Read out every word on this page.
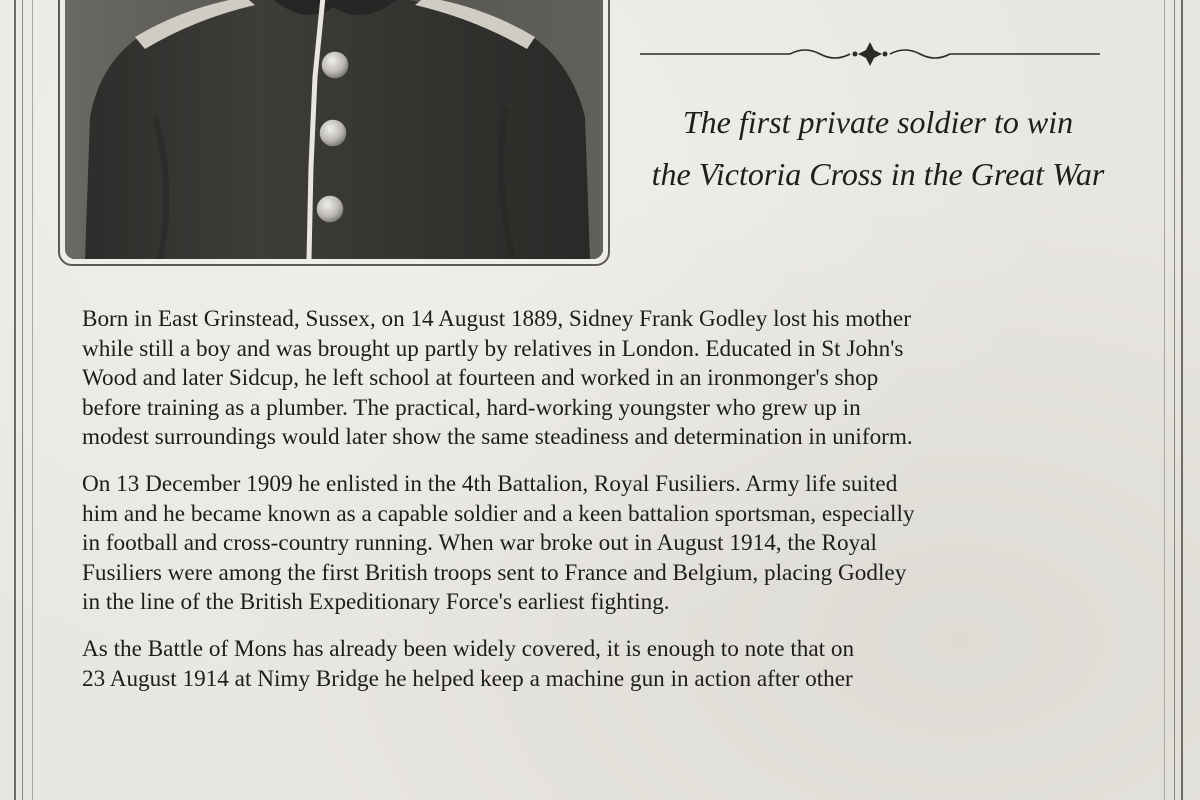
The first private soldier to win
the Victoria Cross in the Great War

Born in East Grinstead, Sussex, on 14 August 1889, Sidney Frank Godley lost his mother
while still a boy and was brought up partly by relatives in London. Educated in St John's
Wood and later Sidcup, he left school at fourteen and worked in an ironmonger's shop
before training as a plumber. The practical, hard-working youngster who grew up in
modest surroundings would later show the same steadiness and determination in uniform.

On 13 December 1909 he enlisted in the 4th Battalion, Royal Fusiliers. Army life suited
him and he became known as a capable soldier and a keen battalion sportsman, especially
in football and cross-country running. When war broke out in August 1914, the Royal
Fusiliers were among the first British troops sent to France and Belgium, placing Godley
in the line of the British Expeditionary Force's earliest fighting.

As the Battle of Mons has already been widely covered, it is enough to note that on
23 August 1914 at Nimy Bridge he helped keep a machine gun in action after other
